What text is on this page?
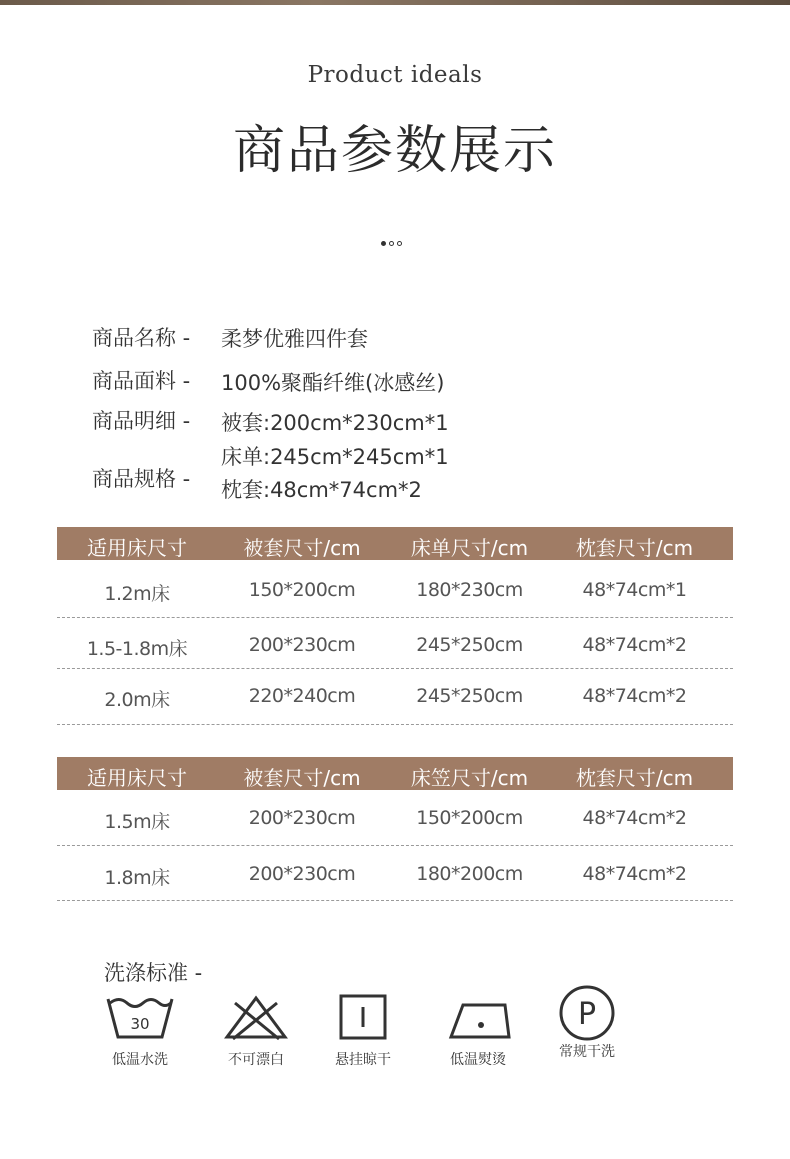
Product ideals
商品参数展示
商品名称 - 柔梦优雅四件套
商品面料 - 100%聚酯纤维(冰感丝)
商品明细 - 被套:200cm*230cm*1
商品规格 -
床单:245cm*245cm*1
枕套:48cm*74cm*2
适用床尺寸	被套尺寸/cm	床单尺寸/cm	枕套尺寸/cm
1.2m床	150*200cm	180*230cm	48*74cm*1
1.5-1.8m床	200*230cm	245*250cm	48*74cm*2
2.0m床	220*240cm	245*250cm	48*74cm*2
适用床尺寸	被套尺寸/cm	床笠尺寸/cm	枕套尺寸/cm
1.5m床	200*230cm	150*200cm	48*74cm*2
1.8m床	200*230cm	180*200cm	48*74cm*2
洗涤标准 -
30
低温水洗	不可漂白	悬挂晾干	低温熨烫
P
常规干洗
